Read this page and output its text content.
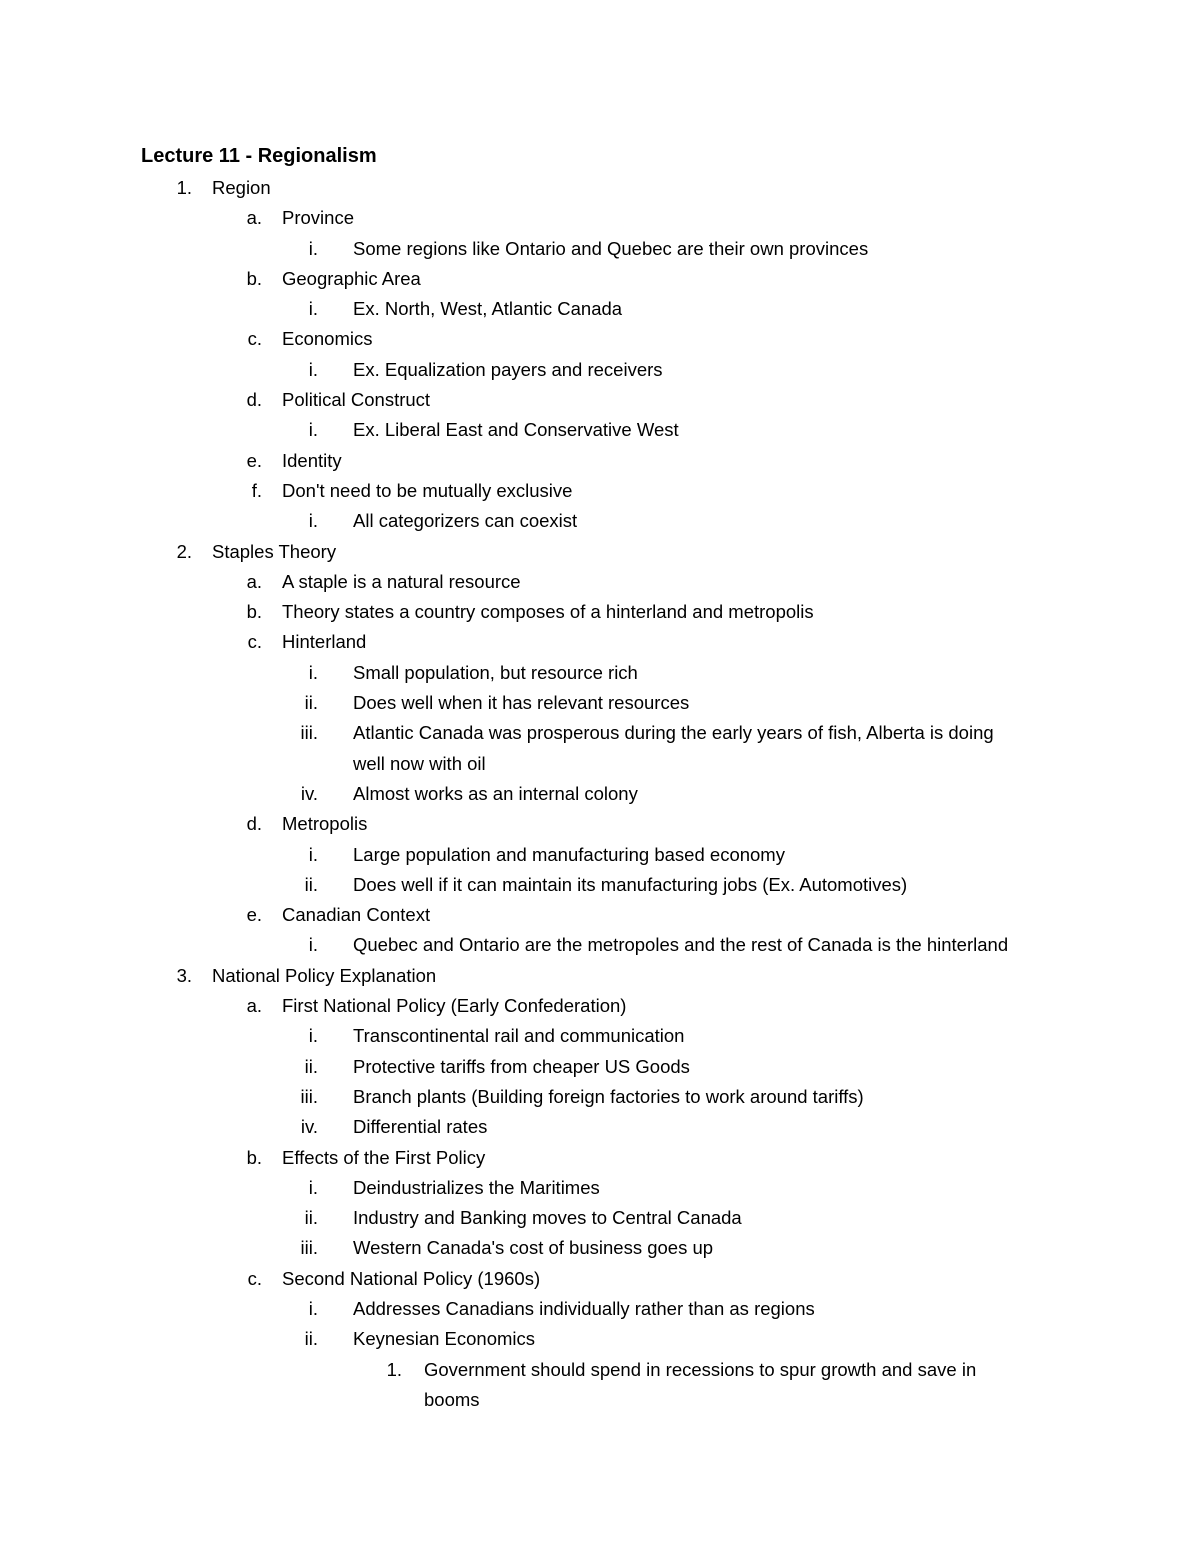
Lecture 11 - Regionalism
1. Region
a. Province
i. Some regions like Ontario and Quebec are their own provinces
b. Geographic Area
i. Ex. North, West, Atlantic Canada
c. Economics
i. Ex. Equalization payers and receivers
d. Political Construct
i. Ex. Liberal East and Conservative West
e. Identity
f. Don't need to be mutually exclusive
i. All categorizers can coexist
2. Staples Theory
a. A staple is a natural resource
b. Theory states a country composes of a hinterland and metropolis
c. Hinterland
i. Small population, but resource rich
ii. Does well when it has relevant resources
iii. Atlantic Canada was prosperous during the early years of fish, Alberta is doing
well now with oil
iv. Almost works as an internal colony
d. Metropolis
i. Large population and manufacturing based economy
ii. Does well if it can maintain its manufacturing jobs (Ex. Automotives)
e. Canadian Context
i. Quebec and Ontario are the metropoles and the rest of Canada is the hinterland
3. National Policy Explanation
a. First National Policy (Early Confederation)
i. Transcontinental rail and communication
ii. Protective tariffs from cheaper US Goods
iii. Branch plants (Building foreign factories to work around tariffs)
iv. Differential rates
b. Effects of the First Policy
i. Deindustrializes the Maritimes
ii. Industry and Banking moves to Central Canada
iii. Western Canada's cost of business goes up
c. Second National Policy (1960s)
i. Addresses Canadians individually rather than as regions
ii. Keynesian Economics
1. Government should spend in recessions to spur growth and save in
booms
